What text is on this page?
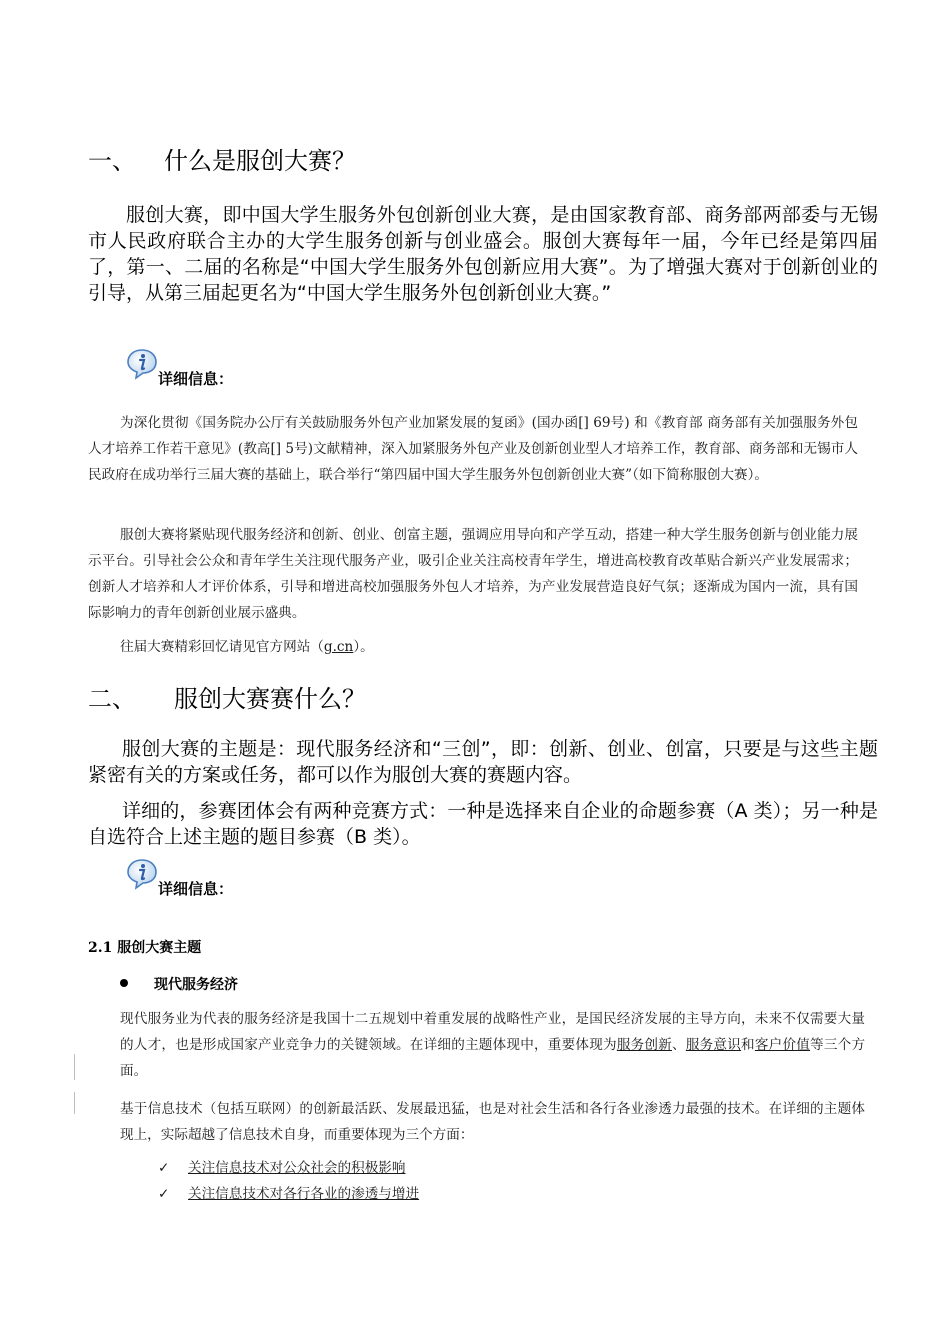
一、 什么是服创大赛？
服创大赛，即中国大学生服务外包创新创业大赛，是由国家教育部、商务部两部委与无锡市人民政府联合主办的大学生服务创新与创业盛会。服创大赛每年一届，今年已经是第四届了，第一、二届的名称是“中国大学生服务外包创新应用大赛”。为了增强大赛对于创新创业的引导，从第三届起更名为“中国大学生服务外包创新创业大赛。”
详细信息：
为深化贯彻《国务院办公厅有关鼓励服务外包产业加紧发展的复函》(国办函[] 69号) 和《教育部 商务部有关加强服务外包人才培养工作若干意见》(教高[] 5号)文献精神，深入加紧服务外包产业及创新创业型人才培养工作，教育部、商务部和无锡市人民政府在成功举行三届大赛的基础上，联合举行“第四届中国大学生服务外包创新创业大赛”（如下简称服创大赛）。
服创大赛将紧贴现代服务经济和创新、创业、创富主题，强调应用导向和产学互动，搭建一种大学生服务创新与创业能力展示平台。引导社会公众和青年学生关注现代服务产业，吸引企业关注高校青年学生，增进高校教育改革贴合新兴产业发展需求；创新人才培养和人才评价体系，引导和增进高校加强服务外包人才培养，为产业发展营造良好气氛；逐渐成为国内一流，具有国际影响力的青年创新创业展示盛典。
往届大赛精彩回忆请见官方网站（g.cn）。
二、 服创大赛赛什么？
服创大赛的主题是：现代服务经济和“三创”，即：创新、创业、创富，只要是与这些主题紧密有关的方案或任务，都可以作为服创大赛的赛题内容。
详细的，参赛团体会有两种竞赛方式：一种是选择来自企业的命题参赛（A 类）；另一种是自选符合上述主题的题目参赛（B 类）。
详细信息：
2.1 服创大赛主题
现代服务经济
现代服务业为代表的服务经济是我国十二五规划中着重发展的战略性产业，是国民经济发展的主导方向，未来不仅需要大量的人才，也是形成国家产业竞争力的关键领域。在详细的主题体现中，重要体现为服务创新、服务意识和客户价值等三个方面。
基于信息技术（包括互联网）的创新最活跃、发展最迅猛，也是对社会生活和各行各业渗透力最强的技术。在详细的主题体现上，实际超越了信息技术自身，而重要体现为三个方面：
✓ 关注信息技术对公众社会的积极影响
✓ 关注信息技术对各行各业的渗透与增进
